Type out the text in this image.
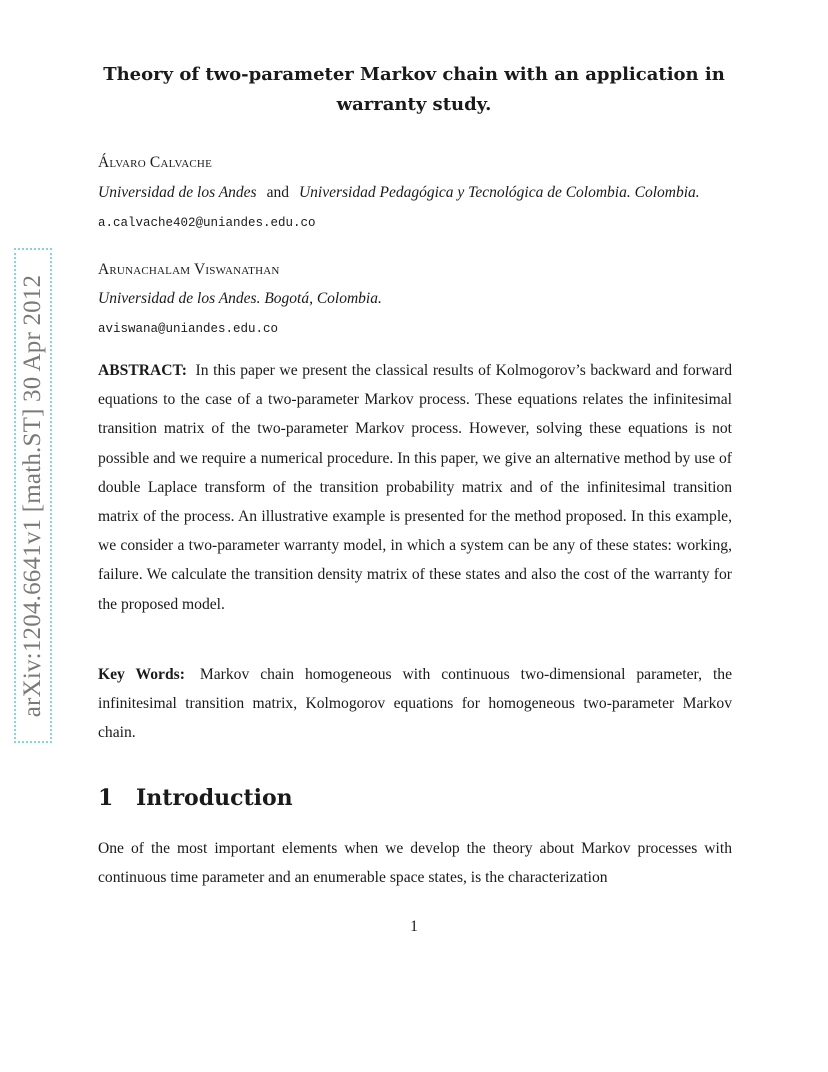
arXiv:1204.6641v1 [math.ST] 30 Apr 2012
Theory of two-parameter Markov chain with an application in warranty study.

Álvaro Calvache

Universidad de los Andes and Universidad Pedagógica y Tecnológica de Colombia. Colombia.

a.calvache402@uniandes.edu.co

Arunachalam Viswanathan

Universidad de los Andes. Bogotá, Colombia.

aviswana@uniandes.edu.co

ABSTRACT: In this paper we present the classical results of Kolmogorov’s backward and forward equations to the case of a two-parameter Markov process. These equations relates the infinitesimal transition matrix of the two-parameter Markov process. However, solving these equations is not possible and we require a numerical procedure. In this paper, we give an alternative method by use of double Laplace transform of the transition probability matrix and of the infinitesimal transition matrix of the process. An illustrative example is presented for the method proposed. In this example, we consider a two-parameter warranty model, in which a system can be any of these states: working, failure. We calculate the transition density matrix of these states and also the cost of the warranty for the proposed model.

Key Words: Markov chain homogeneous with continuous two-dimensional parameter, the infinitesimal transition matrix, Kolmogorov equations for homogeneous two-parameter Markov chain.

1 Introduction

One of the most important elements when we develop the theory about Markov processes with continuous time parameter and an enumerable space states, is the characterization

1
